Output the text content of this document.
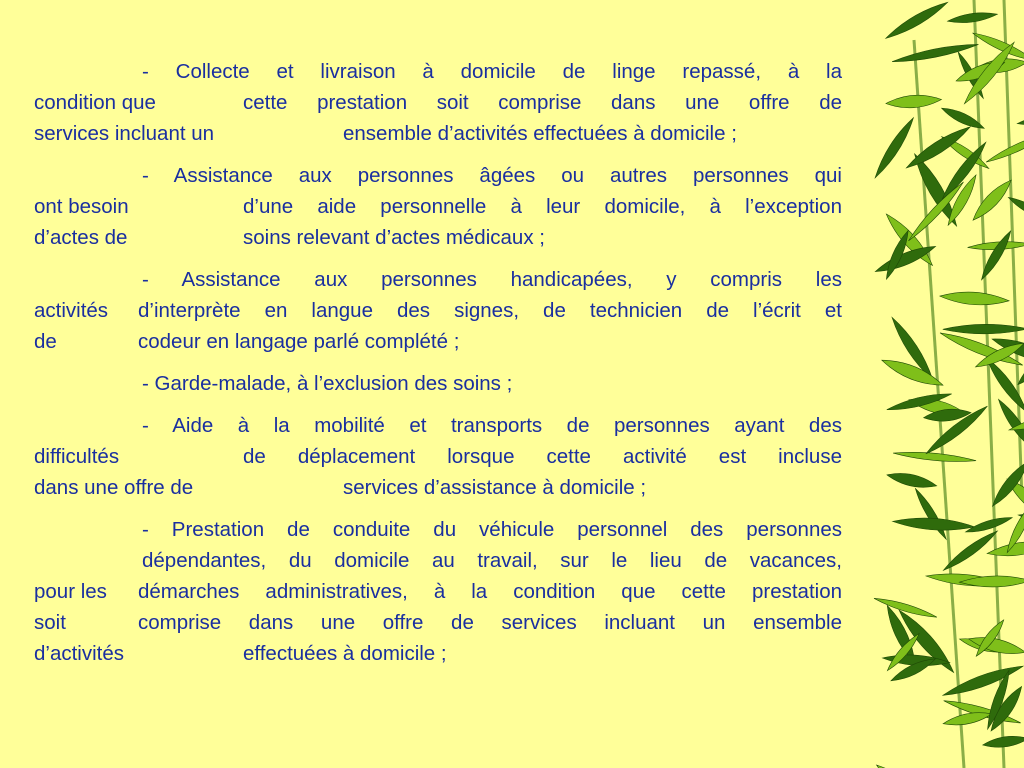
- Collecte et livraison à domicile de linge repassé, à la
condition que	cette prestation soit comprise dans une offre de
services incluant un	ensemble d’activités effectuées à domicile ;
- Assistance aux personnes âgées ou autres personnes qui
ont besoin	d’une aide personnelle à leur domicile, à l’exception
d’actes de	soins relevant d’actes médicaux ;
- Assistance aux personnes handicapées, y compris les
activités d’interprète en langue des signes, de technicien de l’écrit et
de	codeur en langage parlé complété ;
- Garde-malade, à l’exclusion des soins ;
- Aide à la mobilité et transports de personnes ayant des
difficultés	de déplacement lorsque cette activité est incluse
dans une offre de	services d’assistance à domicile ;
- Prestation de conduite du véhicule personnel des personnes
dépendantes, du domicile au travail, sur le lieu de vacances,
pour les démarches administratives, à la condition que cette prestation
soit	comprise dans une offre de services incluant un ensemble
d’activités	effectuées à domicile ;
